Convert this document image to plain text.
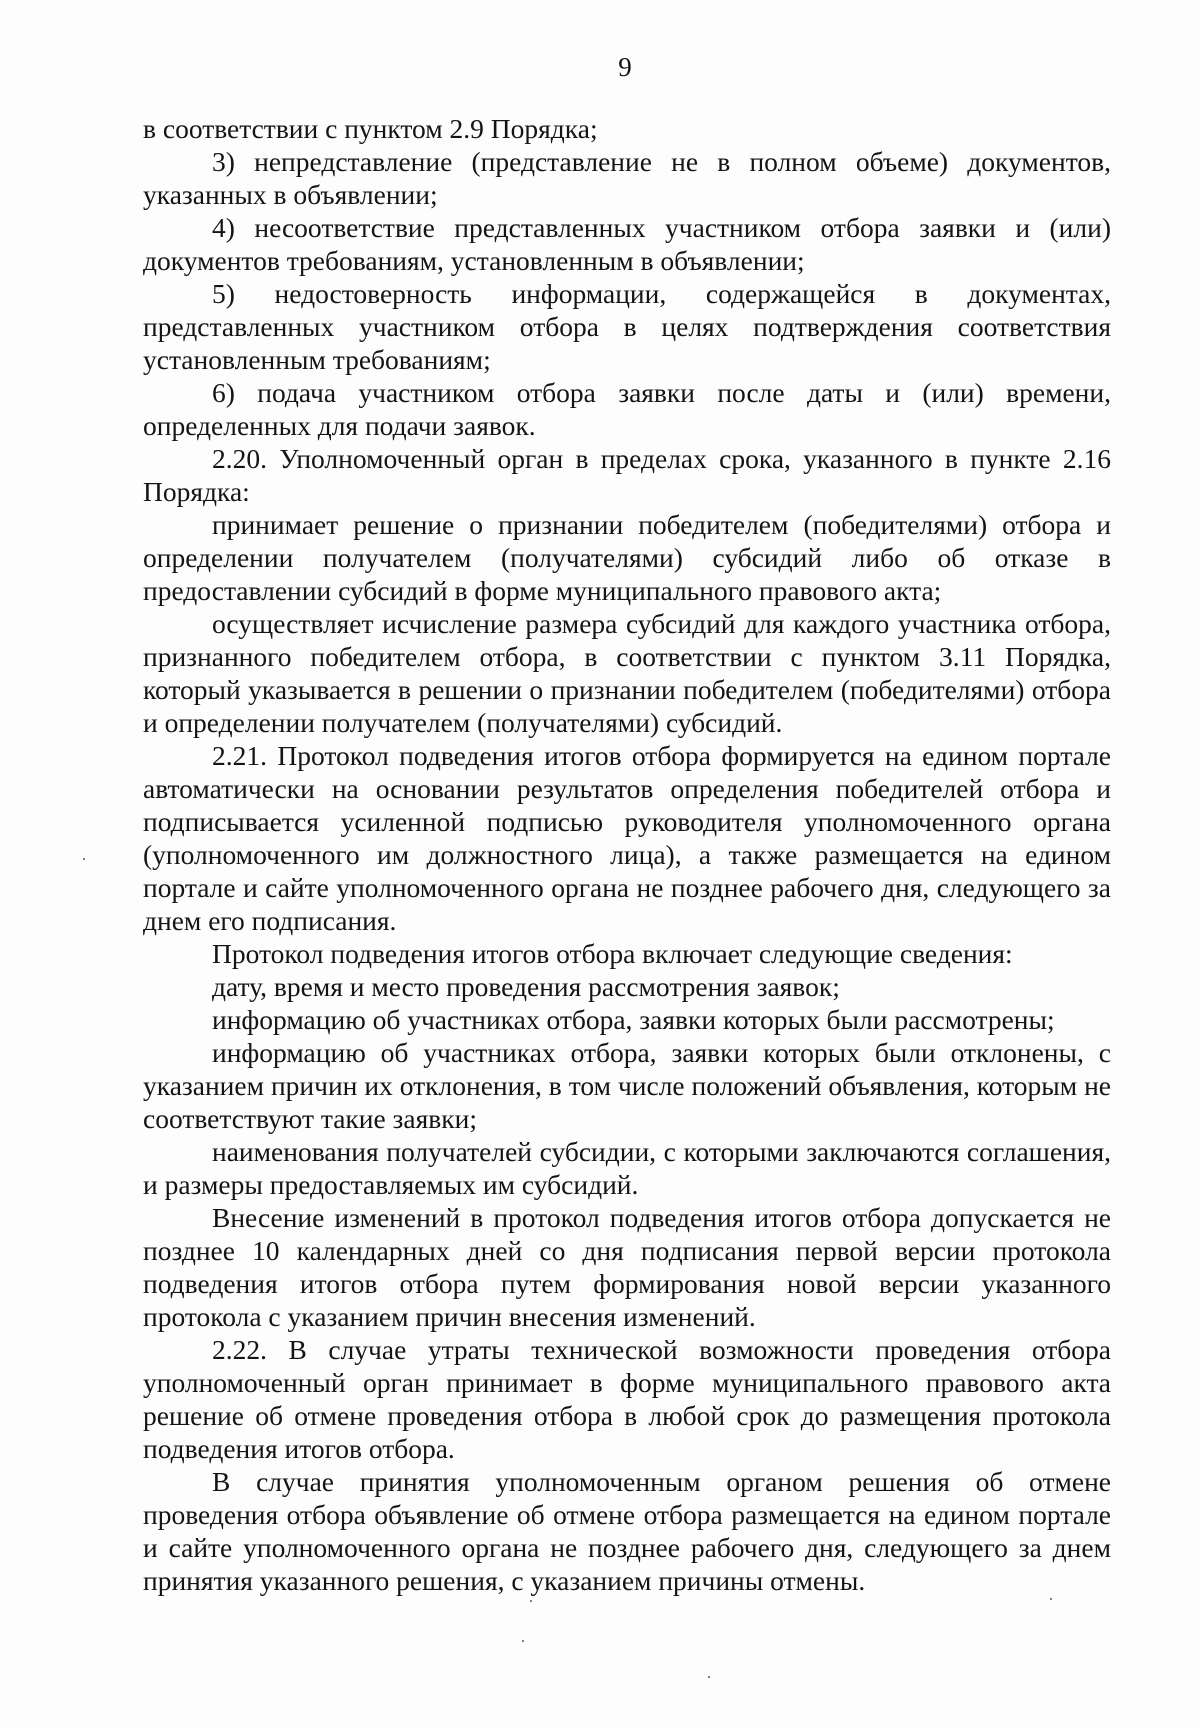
9

в соответствии с пунктом 2.9 Порядка;

3) непредставление (представление не в полном объеме) документов, указанных в объявлении;

4) несоответствие представленных участником отбора заявки и (или) документов требованиям, установленным в объявлении;

5) недостоверность информации, содержащейся в документах, представленных участником отбора в целях подтверждения соответствия установленным требованиям;

6) подача участником отбора заявки после даты и (или) времени, определенных для подачи заявок.

2.20. Уполномоченный орган в пределах срока, указанного в пункте 2.16 Порядка:

принимает решение о признании победителем (победителями) отбора и определении получателем (получателями) субсидий либо об отказе в предоставлении субсидий в форме муниципального правового акта;

осуществляет исчисление размера субсидий для каждого участника отбора, признанного победителем отбора, в соответствии с пунктом 3.11 Порядка, который указывается в решении о признании победителем (победителями) отбора и определении получателем (получателями) субсидий.

2.21. Протокол подведения итогов отбора формируется на едином портале автоматически на основании результатов определения победителей отбора и подписывается усиленной подписью руководителя уполномоченного органа (уполномоченного им должностного лица), а также размещается на едином портале и сайте уполномоченного органа не позднее рабочего дня, следующего за днем его подписания.

Протокол подведения итогов отбора включает следующие сведения:

дату, время и место проведения рассмотрения заявок;

информацию об участниках отбора, заявки которых были рассмотрены;

информацию об участниках отбора, заявки которых были отклонены, с указанием причин их отклонения, в том числе положений объявления, которым не соответствуют такие заявки;

наименования получателей субсидии, с которыми заключаются соглашения, и размеры предоставляемых им субсидий.

Внесение изменений в протокол подведения итогов отбора допускается не позднее 10 календарных дней со дня подписания первой версии протокола подведения итогов отбора путем формирования новой версии указанного протокола с указанием причин внесения изменений.

2.22. В случае утраты технической возможности проведения отбора уполномоченный орган принимает в форме муниципального правового акта решение об отмене проведения отбора в любой срок до размещения протокола подведения итогов отбора.

В случае принятия уполномоченным органом решения об отмене проведения отбора объявление об отмене отбора размещается на едином портале и сайте уполномоченного органа не позднее рабочего дня, следующего за днем принятия указанного решения, с указанием причины отмены.
